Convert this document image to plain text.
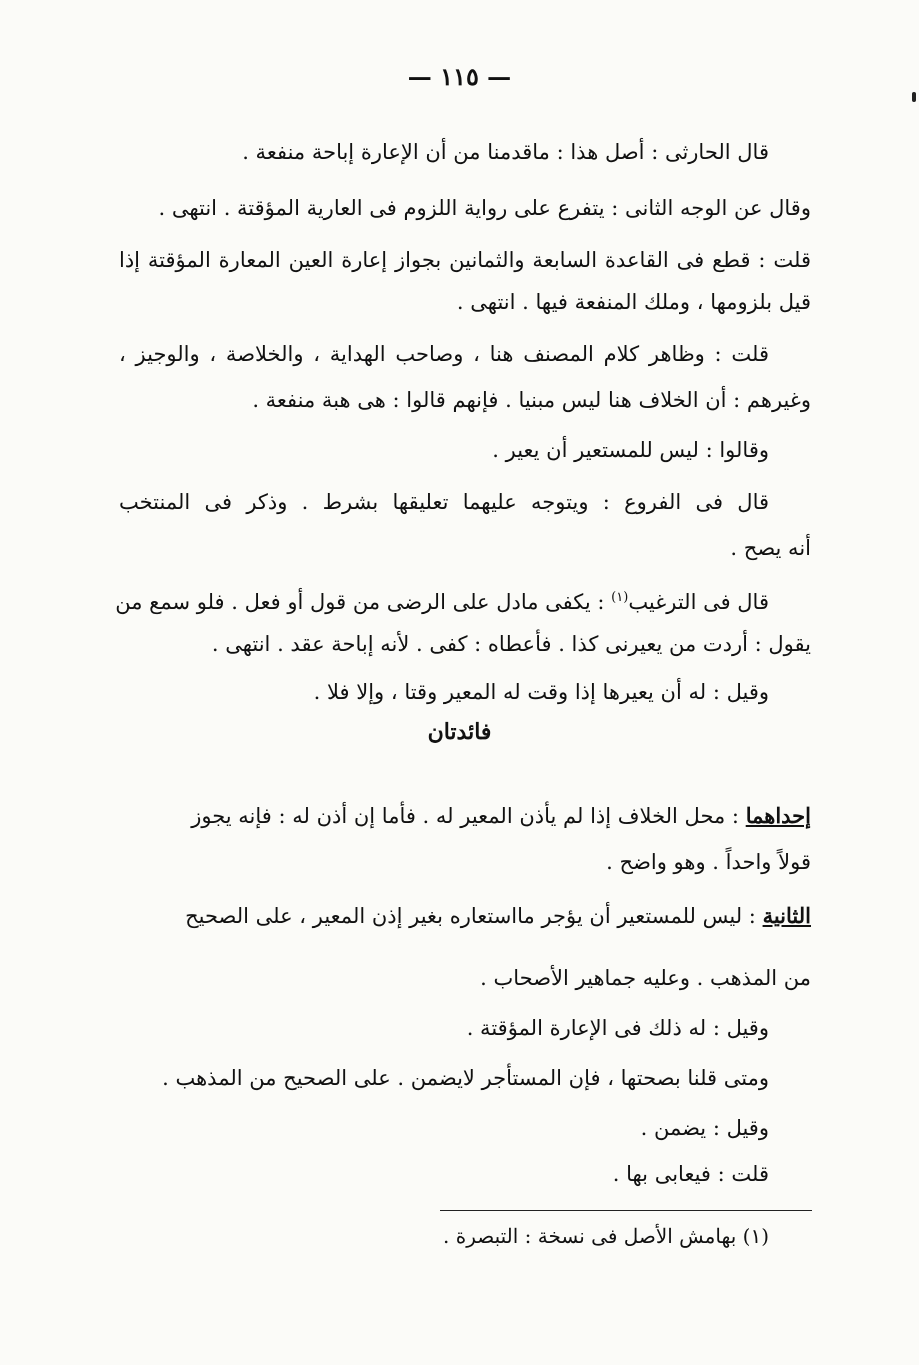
— ١١٥ —
قال الحارثى : أصل هذا : ماقدمنا من أن الإعارة إباحة منفعة .
وقال عن الوجه الثانى : يتفرع على رواية اللزوم فى العارية المؤقتة . انتهى .
قلت : قطع فى القاعدة السابعة والثمانين بجواز إعارة العين المعارة المؤقتة إذا
قيل بلزومها ، وملك المنفعة فيها . انتهى .
قلت : وظاهر كلام المصنف هنا ، وصاحب الهداية ، والخلاصة ، والوجيز ،
وغيرهم : أن الخلاف هنا ليس مبنيا . فإنهم قالوا : هى هبة منفعة .
وقالوا : ليس للمستعير أن يعير .
قال فى الفروع : ويتوجه عليهما تعليقها بشرط . وذكر فى المنتخب
أنه يصح .
قال فى الترغيب$^{(١)}$ : يكفى مادل على الرضى من قول أو فعل . فلو سمع من
يقول : أردت من يعيرنى كذا . فأعطاه : كفى . لأنه إباحة عقد . انتهى .
وقيل : له أن يعيرها إذا وقت له المعير وقتا ، وإلا فلا .
فائدتان
إحداهما : محل الخلاف إذا لم يأذن المعير له . فأما إن أذن له : فإنه يجوز
قولاً واحداً . وهو واضح .
الثانية : ليس للمستعير أن يؤجر مااستعاره بغير إذن المعير ، على الصحيح
من المذهب . وعليه جماهير الأصحاب .
وقيل : له ذلك فى الإعارة المؤقتة .
ومتى قلنا بصحتها ، فإن المستأجر لايضمن . على الصحيح من المذهب .
وقيل : يضمن .
قلت : فيعابى بها .
(١) بهامش الأصل فى نسخة : التبصرة .
